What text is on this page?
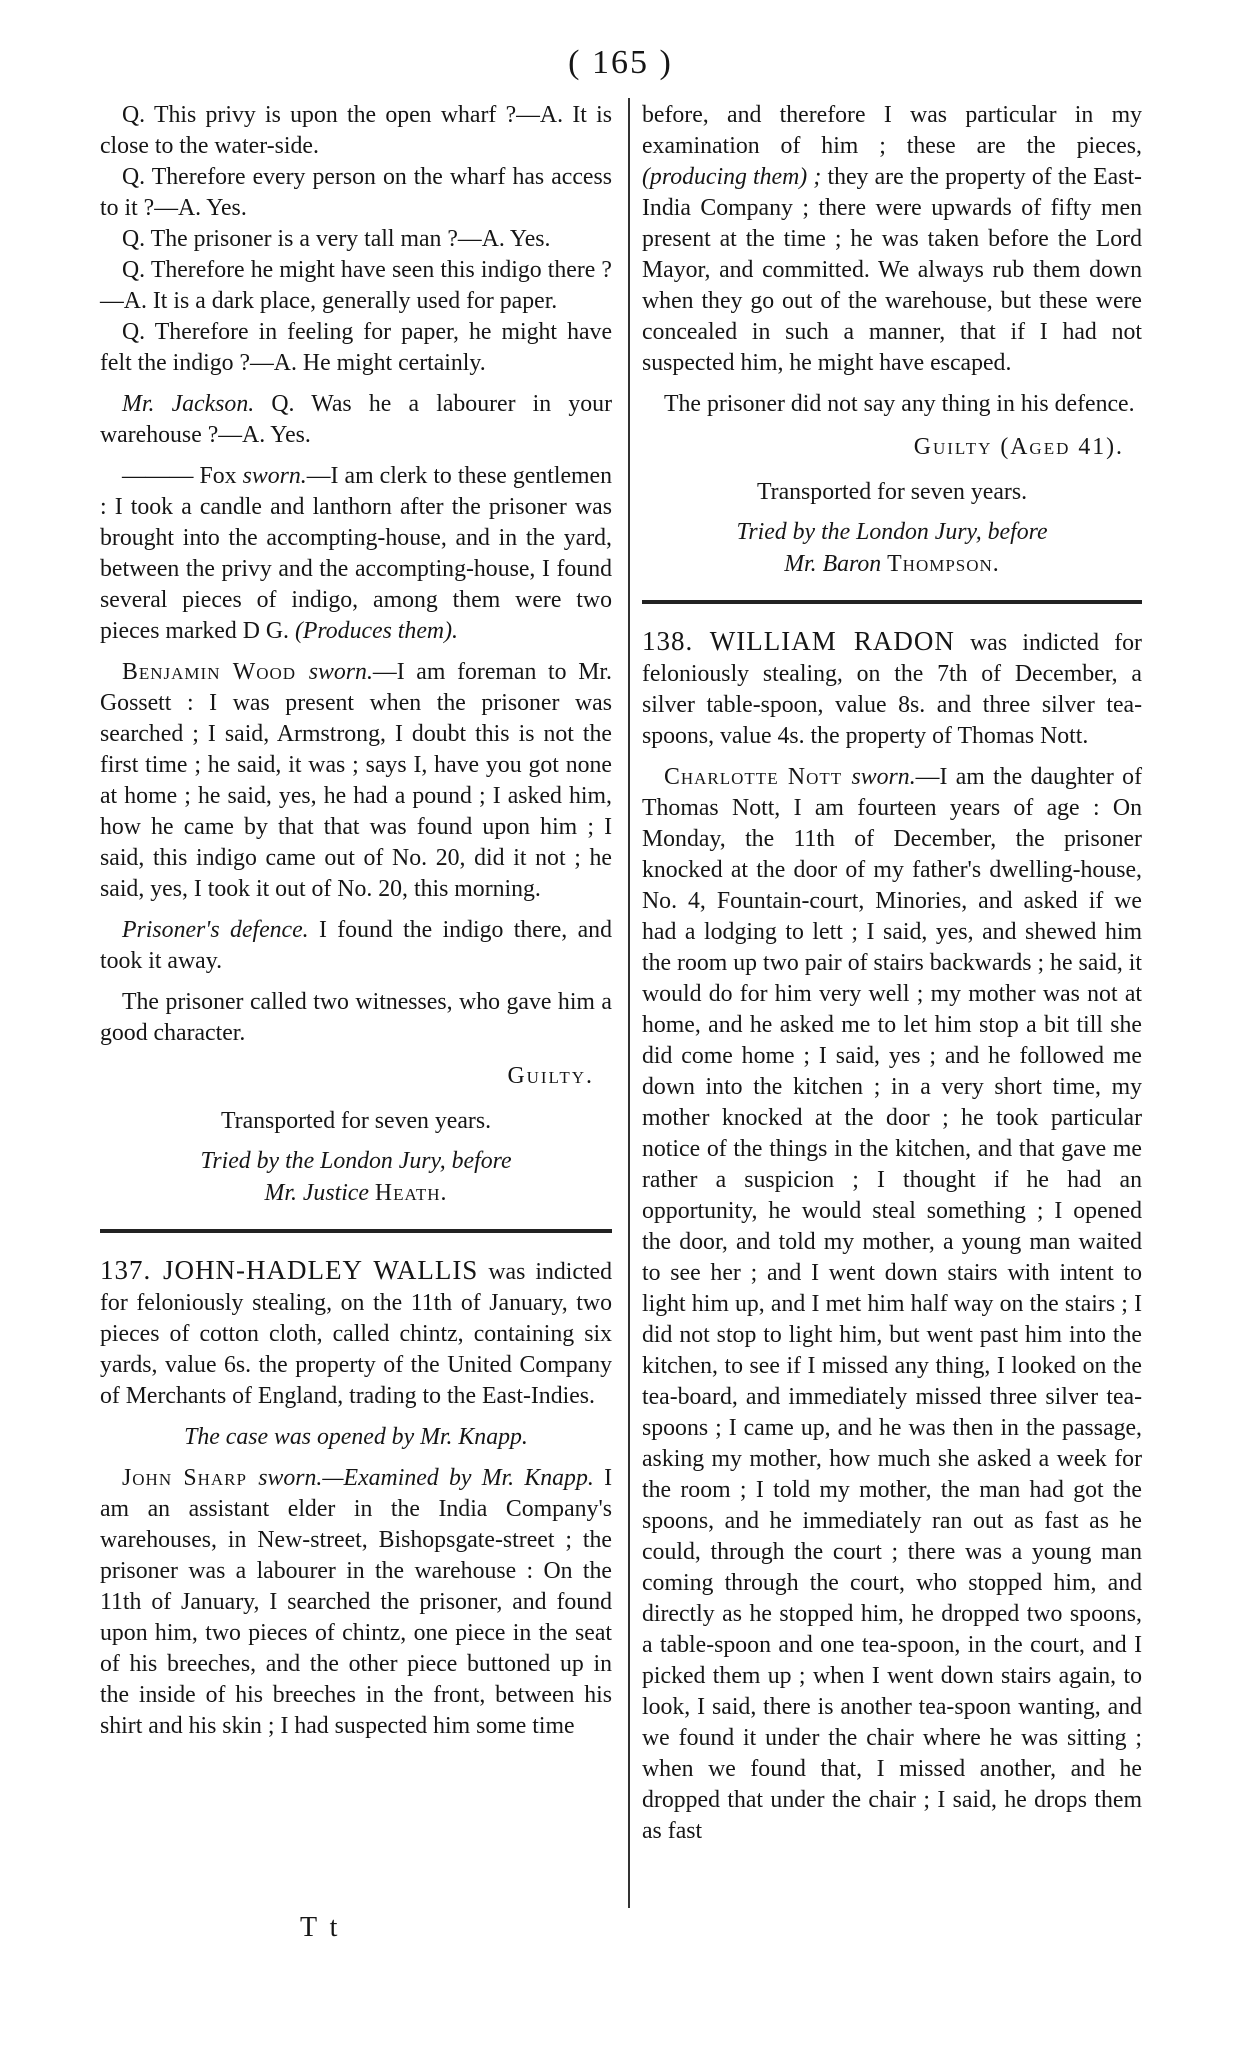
( 165 )

Q. This privy is upon the open wharf ?—A. It is close to the water-side.

Q. Therefore every person on the wharf has access to it ?—A. Yes.

Q. The prisoner is a very tall man ?—A. Yes.

Q. Therefore he might have seen this indigo there ?—A. It is a dark place, generally used for paper.

Q. Therefore in feeling for paper, he might have felt the indigo ?—A. He might certainly.

Mr. Jackson. Q. Was he a labourer in your warehouse ?—A. Yes.

——— Fox sworn.—I am clerk to these gentlemen : I took a candle and lanthorn after the prisoner was brought into the accompting-house, and in the yard, between the privy and the accompting-house, I found several pieces of indigo, among them were two pieces marked D G. (Produces them).

Benjamin Wood sworn.—I am foreman to Mr. Gossett : I was present when the prisoner was searched ; I said, Armstrong, I doubt this is not the first time ; he said, it was ; says I, have you got none at home ; he said, yes, he had a pound ; I asked him, how he came by that that was found upon him ; I said, this indigo came out of No. 20, did it not ; he said, yes, I took it out of No. 20, this morning.

Prisoner's defence. I found the indigo there, and took it away.

The prisoner called two witnesses, who gave him a good character.

Guilty.

Transported for seven years.

Tried by the London Jury, before
Mr. Justice Heath.

137. JOHN-HADLEY WALLIS was indicted for feloniously stealing, on the 11th of January, two pieces of cotton cloth, called chintz, containing six yards, value 6s. the property of the United Company of Merchants of England, trading to the East-Indies.

The case was opened by Mr. Knapp.

John Sharp sworn.—Examined by Mr. Knapp. I am an assistant elder in the India Company's warehouses, in New-street, Bishopsgate-street ; the prisoner was a labourer in the warehouse : On the 11th of January, I searched the prisoner, and found upon him, two pieces of chintz, one piece in the seat of his breeches, and the other piece buttoned up in the inside of his breeches in the front, between his shirt and his skin ; I had suspected him some time

T t

before, and therefore I was particular in my examination of him ; these are the pieces, (producing them) ; they are the property of the East-India Company ; there were upwards of fifty men present at the time ; he was taken before the Lord Mayor, and committed. We always rub them down when they go out of the warehouse, but these were concealed in such a manner, that if I had not suspected him, he might have escaped.

The prisoner did not say any thing in his defence.

Guilty (Aged 41).

Transported for seven years.

Tried by the London Jury, before
Mr. Baron Thompson.

138. WILLIAM RADON was indicted for feloniously stealing, on the 7th of December, a silver table-spoon, value 8s. and three silver tea-spoons, value 4s. the property of Thomas Nott.

Charlotte Nott sworn.—I am the daughter of Thomas Nott, I am fourteen years of age : On Monday, the 11th of December, the prisoner knocked at the door of my father's dwelling-house, No. 4, Fountain-court, Minories, and asked if we had a lodging to lett ; I said, yes, and shewed him the room up two pair of stairs backwards ; he said, it would do for him very well ; my mother was not at home, and he asked me to let him stop a bit till she did come home ; I said, yes ; and he followed me down into the kitchen ; in a very short time, my mother knocked at the door ; he took particular notice of the things in the kitchen, and that gave me rather a suspicion ; I thought if he had an opportunity, he would steal something ; I opened the door, and told my mother, a young man waited to see her ; and I went down stairs with intent to light him up, and I met him half way on the stairs ; I did not stop to light him, but went past him into the kitchen, to see if I missed any thing, I looked on the tea-board, and immediately missed three silver tea-spoons ; I came up, and he was then in the passage, asking my mother, how much she asked a week for the room ; I told my mother, the man had got the spoons, and he immediately ran out as fast as he could, through the court ; there was a young man coming through the court, who stopped him, and directly as he stopped him, he dropped two spoons, a table-spoon and one tea-spoon, in the court, and I picked them up ; when I went down stairs again, to look, I said, there is another tea-spoon wanting, and we found it under the chair where he was sitting ; when we found that, I missed another, and he dropped that under the chair ; I said, he drops them as fast
